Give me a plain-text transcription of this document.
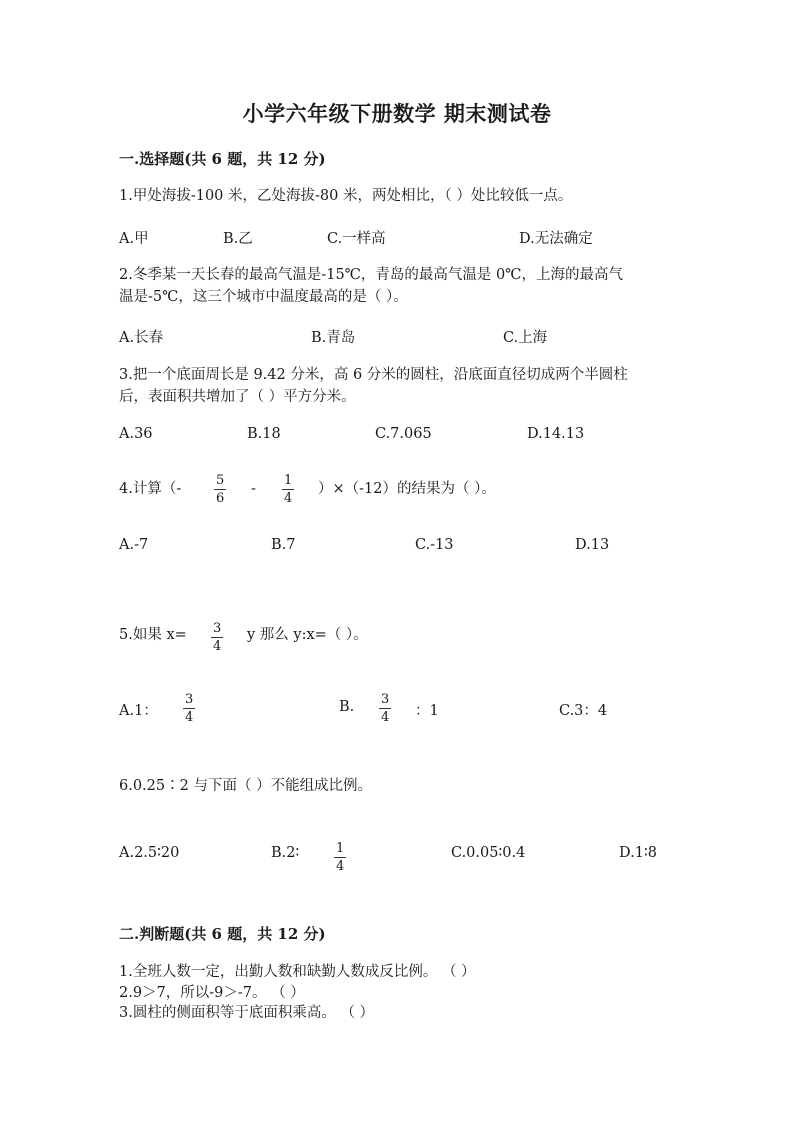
小学六年级下册数学 期末测试卷
一.选择题(共 6 题，共 12 分)
1.甲处海拔-100 米，乙处海拔-80 米，两处相比，（ ）处比较低一点。
A.甲	B.乙	C.一样高	D.无法确定
2.冬季某一天长春的最高气温是-15℃，青岛的最高气温是 0℃，上海的最高气
温是-5℃，这三个城市中温度最高的是（ ）。
A.长春	B.青岛	C.上海
3.把一个底面周长是 9.42 分米，高 6 分米的圆柱，沿底面直径切成两个半圆柱
后，表面积共增加了（ ）平方分米。
A.36	B.18	C.7.065	D.14.13
4.计算（-	$\frac{5}{6} - \frac{1}{4} )\times(-12)$的结果为（ ）。
A.-7	B.7	C.-13	D.13
5.如果 $x= \frac{3}{4}$ y 那么 y:x=（ ）。
A.1： $\frac{3}{4}$	B. $\frac{3}{4}$ ：1	C.3：4
6.0.25∶2 与下面（ ）不能组成比例。
A.2.5∶20	B.2∶	$\frac{1}{4}$	C.0.05∶0.4	D.1∶8
二.判断题(共 6 题，共 12 分)
1.全班人数一定，出勤人数和缺勤人数成反比例。 （ ）
2.9＞7，所以-9＞-7。 （ ）
3.圆柱的侧面积等于底面积乘高。 （ ）
